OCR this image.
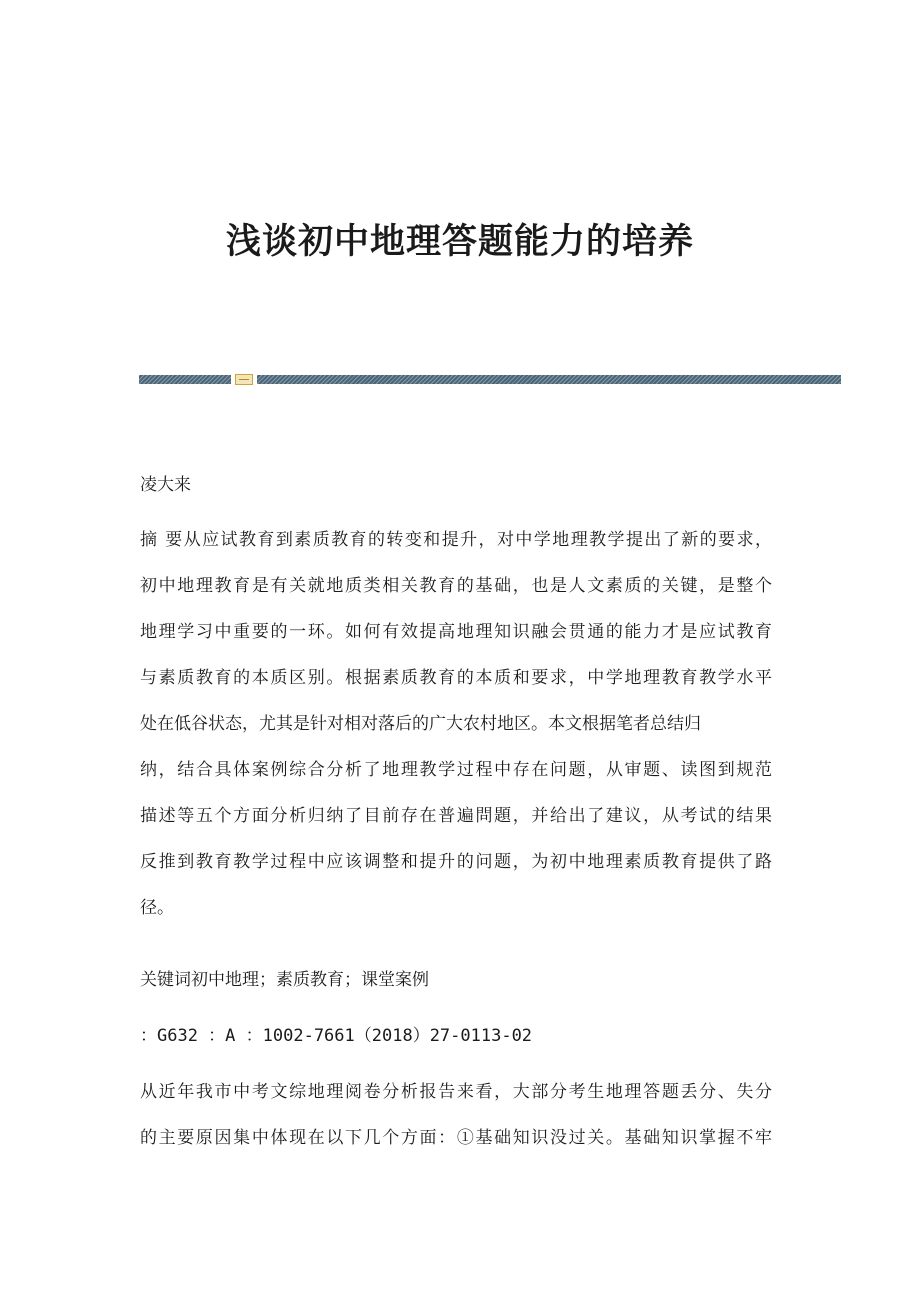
浅谈初中地理答题能力的培养

凌大来

摘 要从应试教育到素质教育的转变和提升，对中学地理教学提出了新的要求，
初中地理教育是有关就地质类相关教育的基础，也是人文素质的关键，是整个
地理学习中重要的一环。如何有效提高地理知识融会贯通的能力才是应试教育
与素质教育的本质区别。根据素质教育的本质和要求，中学地理教育教学水平
处在低谷状态，尤其是针对相对落后的广大农村地区。本文根据笔者总结归
纳，结合具体案例综合分析了地理教学过程中存在问题，从审题、读图到规范
描述等五个方面分析归纳了目前存在普遍問題，并给出了建议，从考试的结果
反推到教育教学过程中应该调整和提升的问题，为初中地理素质教育提供了路
径。

关键词初中地理；素质教育；课堂案例

：G632 ：A ：1002-7661（2018）27-0113-02

从近年我市中考文综地理阅卷分析报告来看，大部分考生地理答题丢分、失分
的主要原因集中体现在以下几个方面：①基础知识没过关。基础知识掌握不牢
